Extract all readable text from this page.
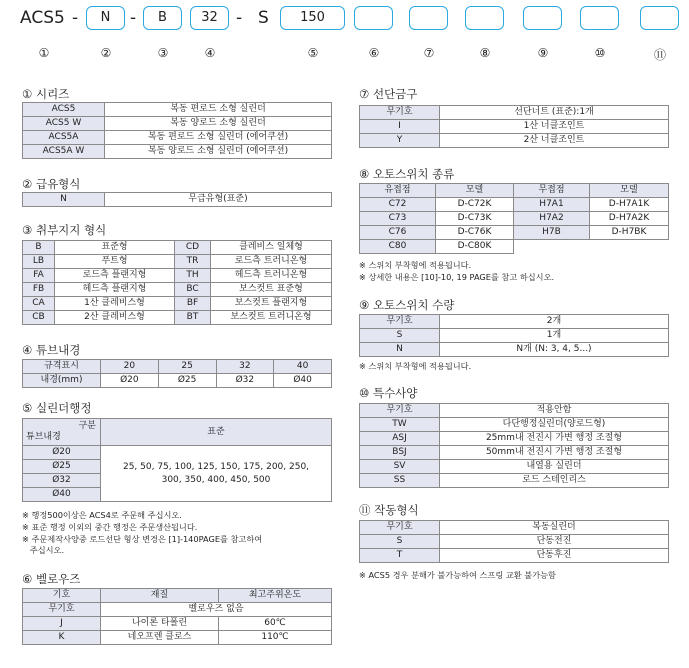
ACS5 -	N	-	B	32	- S	150
①	②	③	④	⑤	⑥	⑦	⑧	⑨	⑩	⑪
① 시리즈
ACS5	복동 편로드 소형 실린더
ACS5 W	복동 양로드 소형 실린더
ACS5A	복동 편로드 소형 실린더 (에어쿠션)
ACS5A W	복동 양로드 소형 실린더 (에어쿠션)
② 급유형식
N	무급유형(표준)
③ 취부지지 형식
B	표준형	CD	클레비스 일체형
LB	푸트형	TR	로드측 트러니온형
FA	로드측 플랜지형	TH	헤드측 트러니온형
FB	헤드측 플랜지형	BC	보스컷트 표준형
CA	1산 클레비스형	BF	보스컷트 플랜지형
CB	2산 클레비스형	BT	보스컷트 트러니온형
④ 튜브내경
규격표시	20	25	32	40
내경(mm)	Ø20	Ø25	Ø32	Ø40
⑤ 실린더행정
구분
튜브내경	표준
Ø20	25, 50, 75, 100, 125, 150, 175, 200, 250,
300, 350, 400, 450, 500
Ø25	
Ø32	
Ø40	
※ 행정500이상은 ACS4로 주문해 주십시오.
※ 표준 행정 이외의 중간 행정은 주문생산됩니다.
※ 주문제작사양중 로드선단 형상 변경은 [1]-140PAGE를 참고하여
주십시오.
⑥ 벨로우즈
기호	재질	최고주위온도
무기호	벨로우즈 없음	
J	나이론 타폴린	60℃
K	네오프렌 클로스	110℃
⑦ 선단금구
무기호	선단너트 (표준):1개
I	1산 너클조인트
Y	2산 너클조인트
⑧ 오토스위치 종류
유접점	모델	무접점	모델
C72	D-C72K	H7A1	D-H7A1K
C73	D-C73K	H7A2	D-H7A2K
C76	D-C76K	H7B	D-H7BK
C80	D-C80K		
※ 스위치 부착형에 적용됩니다.
※ 상세한 내용은 [10]-10, 19 PAGE를 참고 하십시오.
⑨ 오토스위치 수량
무기호	2개
S	1개
N	N개 (N: 3, 4, 5...)
※ 스위치 부착형에 적용됩니다.
⑩ 특수사양
무기호	적용안함
TW	다단행정실린더(양로드형)
ASJ	25mm내 전진시 가변 행정 조절형
BSJ	50mm내 전진시 가변 행정 조절형
SV	내열용 실린더
SS	로드 스테인리스
⑪ 작동형식
무기호	복동실린더
S	단동전진
T	단동후진
※ ACS5 경우 분해가 불가능하여 스프링 교환 불가능함
